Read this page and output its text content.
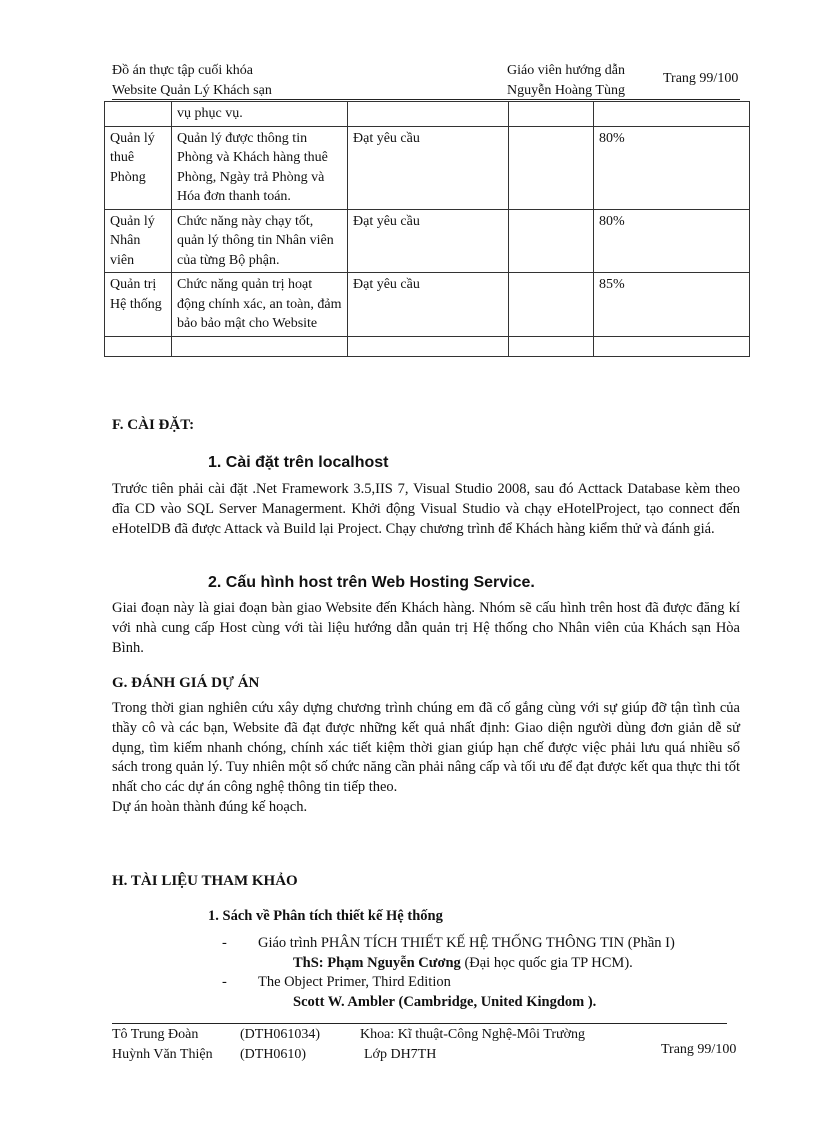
Đồ án thực tập cuối khóa
Website Quản Lý Khách sạn
Giáo viên hướng dẫn
Nguyễn Hoàng Tùng
Trang 99/100
	vụ phục vụ.			
Quản lý thuê Phòng	Quản lý được thông tin Phòng và Khách hàng thuê Phòng, Ngày trả Phòng và Hóa đơn thanh toán.	Đạt yêu cầu		80%
Quản lý Nhân viên	Chức năng này chạy tốt, quản lý thông tin Nhân viên của từng Bộ phận.	Đạt yêu cầu		80%
Quản trị Hệ thống	Chức năng quản trị hoạt động chính xác, an toàn, đảm bảo bảo mật cho Website	Đạt yêu cầu		85%

F. CÀI ĐẶT:
1. Cài đặt trên localhost
Trước tiên phải cài đặt .Net Framework 3.5,IIS 7, Visual Studio 2008, sau đó Acttack Database kèm theo đĩa CD vào SQL Server Managerment. Khởi động Visual Studio và chạy eHotelProject, tạo connect đến eHotelDB đã được Attack và Build lại Project. Chạy chương trình để Khách hàng kiểm thử và đánh giá.
2. Cấu hình host trên Web Hosting Service.
Giai đoạn này là giai đoạn bàn giao Website đến Khách hàng. Nhóm sẽ cấu hình trên host đã được đăng kí với nhà cung cấp Host cùng với tài liệu hướng dẫn quản trị Hệ thống cho Nhân viên của Khách sạn Hòa Bình.
G. ĐÁNH GIÁ DỰ ÁN
Trong thời gian nghiên cứu xây dựng chương trình chúng em đã cố gắng cùng với sự giúp đỡ tận tình của thầy cô và các bạn, Website đã đạt được những kết quả nhất định: Giao diện người dùng đơn giản dễ sử dụng, tìm kiếm nhanh chóng, chính xác tiết kiệm thời gian giúp hạn chế được việc phải lưu quá nhiều sổ sách trong quản lý. Tuy nhiên một số chức năng cần phải nâng cấp và tối ưu để đạt được kết qua thực thi tốt nhất cho các dự án công nghệ thông tin tiếp theo.
Dự án hoàn thành đúng kế hoạch.
H. TÀI LIỆU THAM KHẢO
1. Sách về Phân tích thiết kế Hệ thống
- Giáo trình PHÂN TÍCH THIẾT KẾ HỆ THỐNG THÔNG TIN (Phần I)
ThS: Phạm Nguyễn Cương (Đại học quốc gia TP HCM).
- The Object Primer, Third Edition
Scott W. Ambler (Cambridge, United Kingdom ).
Tô Trung Đoàn	(DTH061034)	Khoa: Kĩ thuật-Công Nghệ-Môi Trường
Huỳnh Văn Thiện (DTH0610)	Lớp DH7TH	Trang 99/100
